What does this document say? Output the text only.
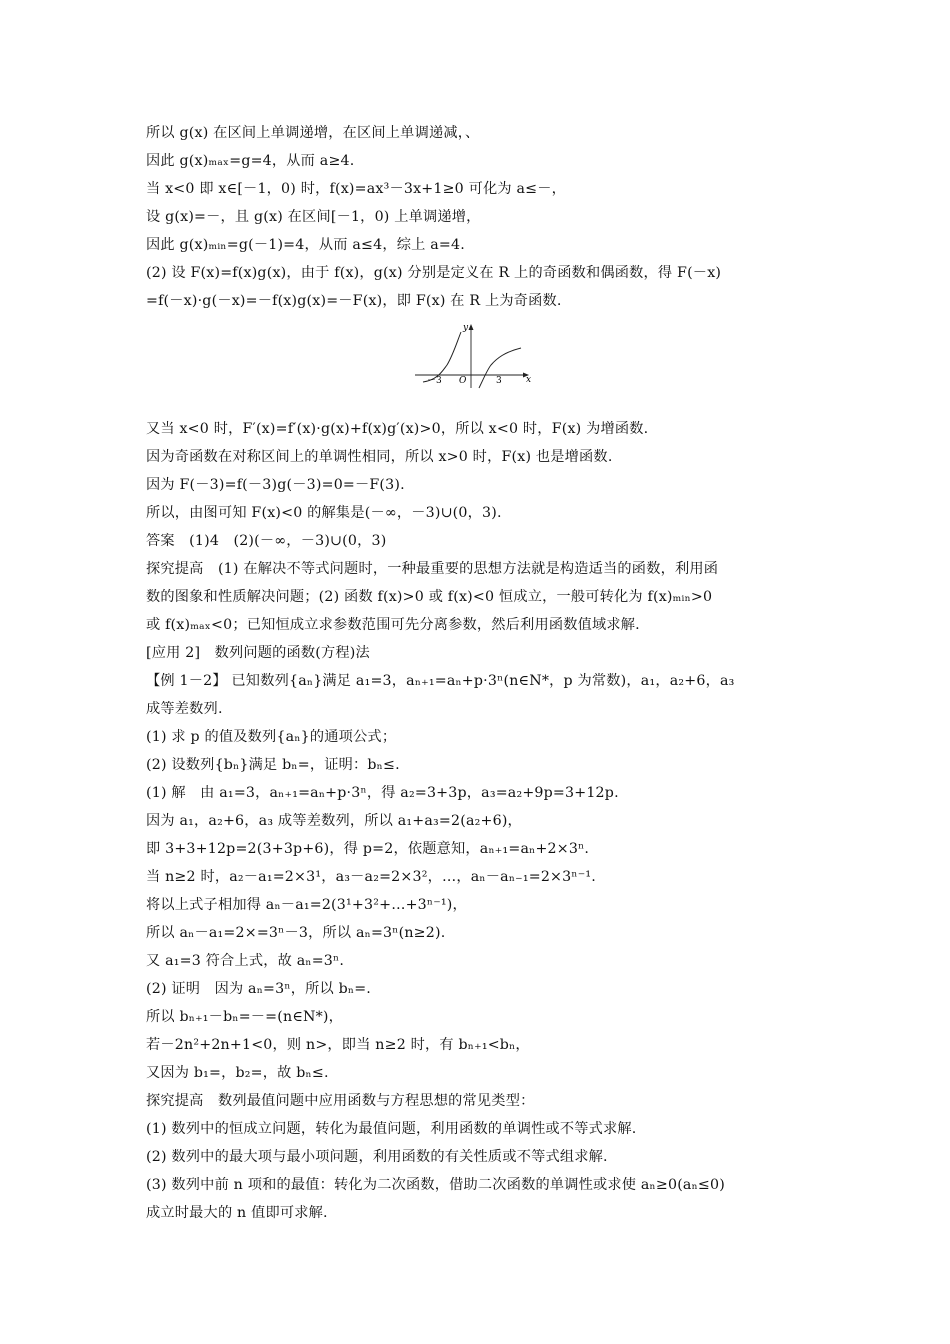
所以 g(x) 在区间上单调递增，在区间上单调递减，、
因此 g(x)ₘₐₓ=g=4，从而 a≥4.
当 x<0 即 x∈[－1，0) 时，f(x)=ax³－3x+1≥0 可化为 a≤－，
设 g(x)=－，且 g(x) 在区间[－1，0) 上单调递增，
因此 g(x)ₘᵢₙ=g(－1)=4，从而 a≤4，综上 a=4.
(2) 设 F(x)=f(x)g(x)，由于 f(x)，g(x) 分别是定义在 R 上的奇函数和偶函数，得 F(－x)
=f(－x)·g(－x)=－f(x)g(x)=－F(x)，即 F(x) 在 R 上为奇函数.
y
x
O
－3	3
又当 x<0 时，F′(x)=f′(x)·g(x)+f(x)g′(x)>0，所以 x<0 时，F(x) 为增函数.
因为奇函数在对称区间上的单调性相同，所以 x>0 时，F(x) 也是增函数.
因为 F(－3)=f(－3)g(－3)=0=－F(3).
所以，由图可知 F(x)<0 的解集是(－∞，－3)∪(0，3).
答案　(1)4　(2)(－∞，－3)∪(0，3)
探究提高　(1) 在解决不等式问题时，一种最重要的思想方法就是构造适当的函数，利用函
数的图象和性质解决问题；(2) 函数 f(x)>0 或 f(x)<0 恒成立，一般可转化为 f(x)ₘᵢₙ>0
或 f(x)ₘₐₓ<0；已知恒成立求参数范围可先分离参数，然后利用函数值域求解.
[应用 2]　数列问题的函数(方程)法
【例 1－2】 已知数列{aₙ}满足 a₁=3，aₙ₊₁=aₙ+p·3ⁿ(n∈N*，p 为常数)，a₁，a₂+6，a₃
成等差数列.
(1) 求 p 的值及数列{aₙ}的通项公式；
(2) 设数列{bₙ}满足 bₙ=，证明：bₙ≤.
(1) 解　由 a₁=3，aₙ₊₁=aₙ+p·3ⁿ，得 a₂=3+3p，a₃=a₂+9p=3+12p.
因为 a₁，a₂+6，a₃ 成等差数列，所以 a₁+a₃=2(a₂+6)，
即 3+3+12p=2(3+3p+6)，得 p=2，依题意知，aₙ₊₁=aₙ+2×3ⁿ.
当 n≥2 时，a₂－a₁=2×3¹，a₃－a₂=2×3²，…，aₙ－aₙ₋₁=2×3ⁿ⁻¹.
将以上式子相加得 aₙ－a₁=2(3¹+3²+…+3ⁿ⁻¹)，
所以 aₙ－a₁=2×=3ⁿ－3，所以 aₙ=3ⁿ(n≥2).
又 a₁=3 符合上式，故 aₙ=3ⁿ.
(2) 证明　因为 aₙ=3ⁿ，所以 bₙ=.
所以 bₙ₊₁－bₙ=－=(n∈N*)，
若－2n²+2n+1<0，则 n>，即当 n≥2 时，有 bₙ₊₁<bₙ，
又因为 b₁=，b₂=，故 bₙ≤.
探究提高　数列最值问题中应用函数与方程思想的常见类型：
(1) 数列中的恒成立问题，转化为最值问题，利用函数的单调性或不等式求解.
(2) 数列中的最大项与最小项问题，利用函数的有关性质或不等式组求解.
(3) 数列中前 n 项和的最值：转化为二次函数，借助二次函数的单调性或求使 aₙ≥0(aₙ≤0)
成立时最大的 n 值即可求解.
